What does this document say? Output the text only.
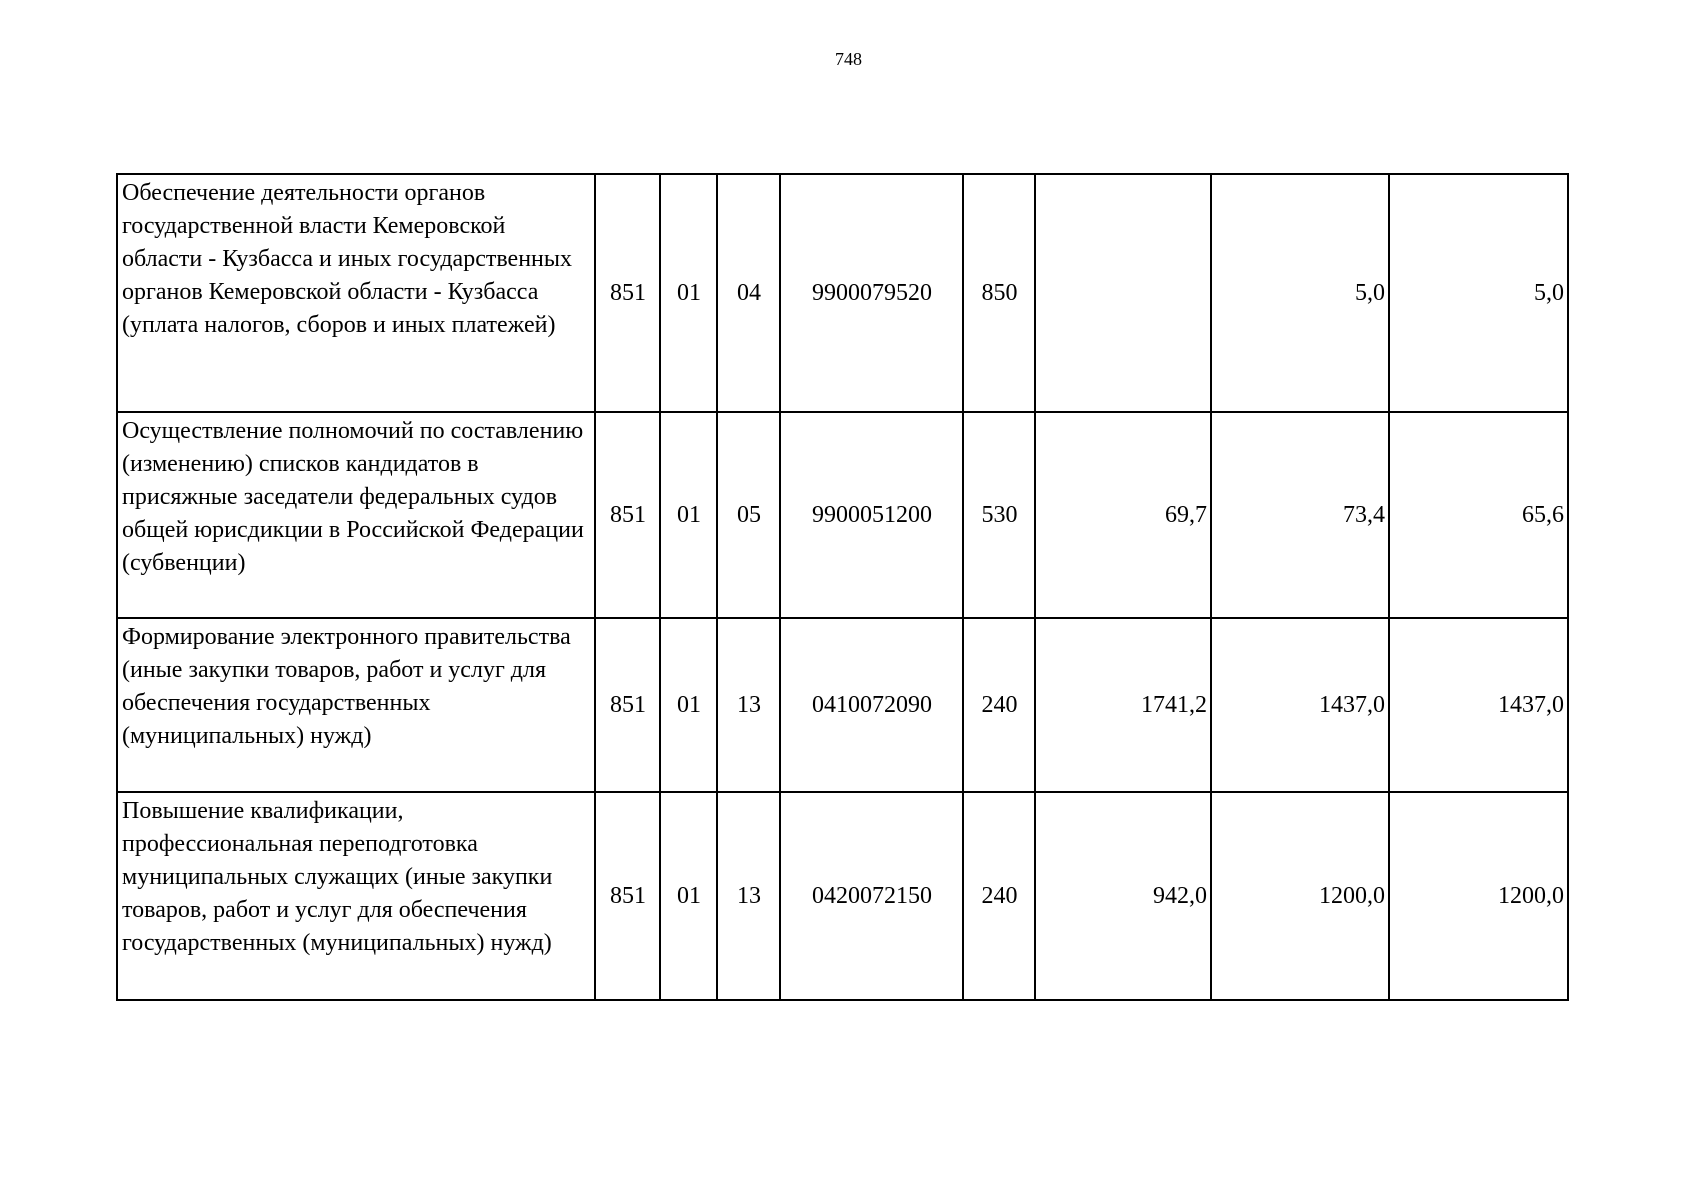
748
Обеспечение деятельности органов государственной власти Кемеровской области - Кузбасса и иных государственных органов Кемеровской области - Кузбасса (уплата налогов, сборов и иных платежей)	851	01	04	9900079520	850		5,0	5,0
Осуществление полномочий по составлению (изменению) списков кандидатов в присяжные заседатели федеральных судов общей юрисдикции в Российской Федерации (субвенции)	851	01	05	9900051200	530	69,7	73,4	65,6
Формирование электронного правительства (иные закупки товаров, работ и услуг для обеспечения государственных (муниципальных) нужд)	851	01	13	0410072090	240	1741,2	1437,0	1437,0
Повышение квалификации, профессиональная переподготовка муниципальных служащих (иные закупки товаров, работ и услуг для обеспечения государственных (муниципальных) нужд)	851	01	13	0420072150	240	942,0	1200,0	1200,0
